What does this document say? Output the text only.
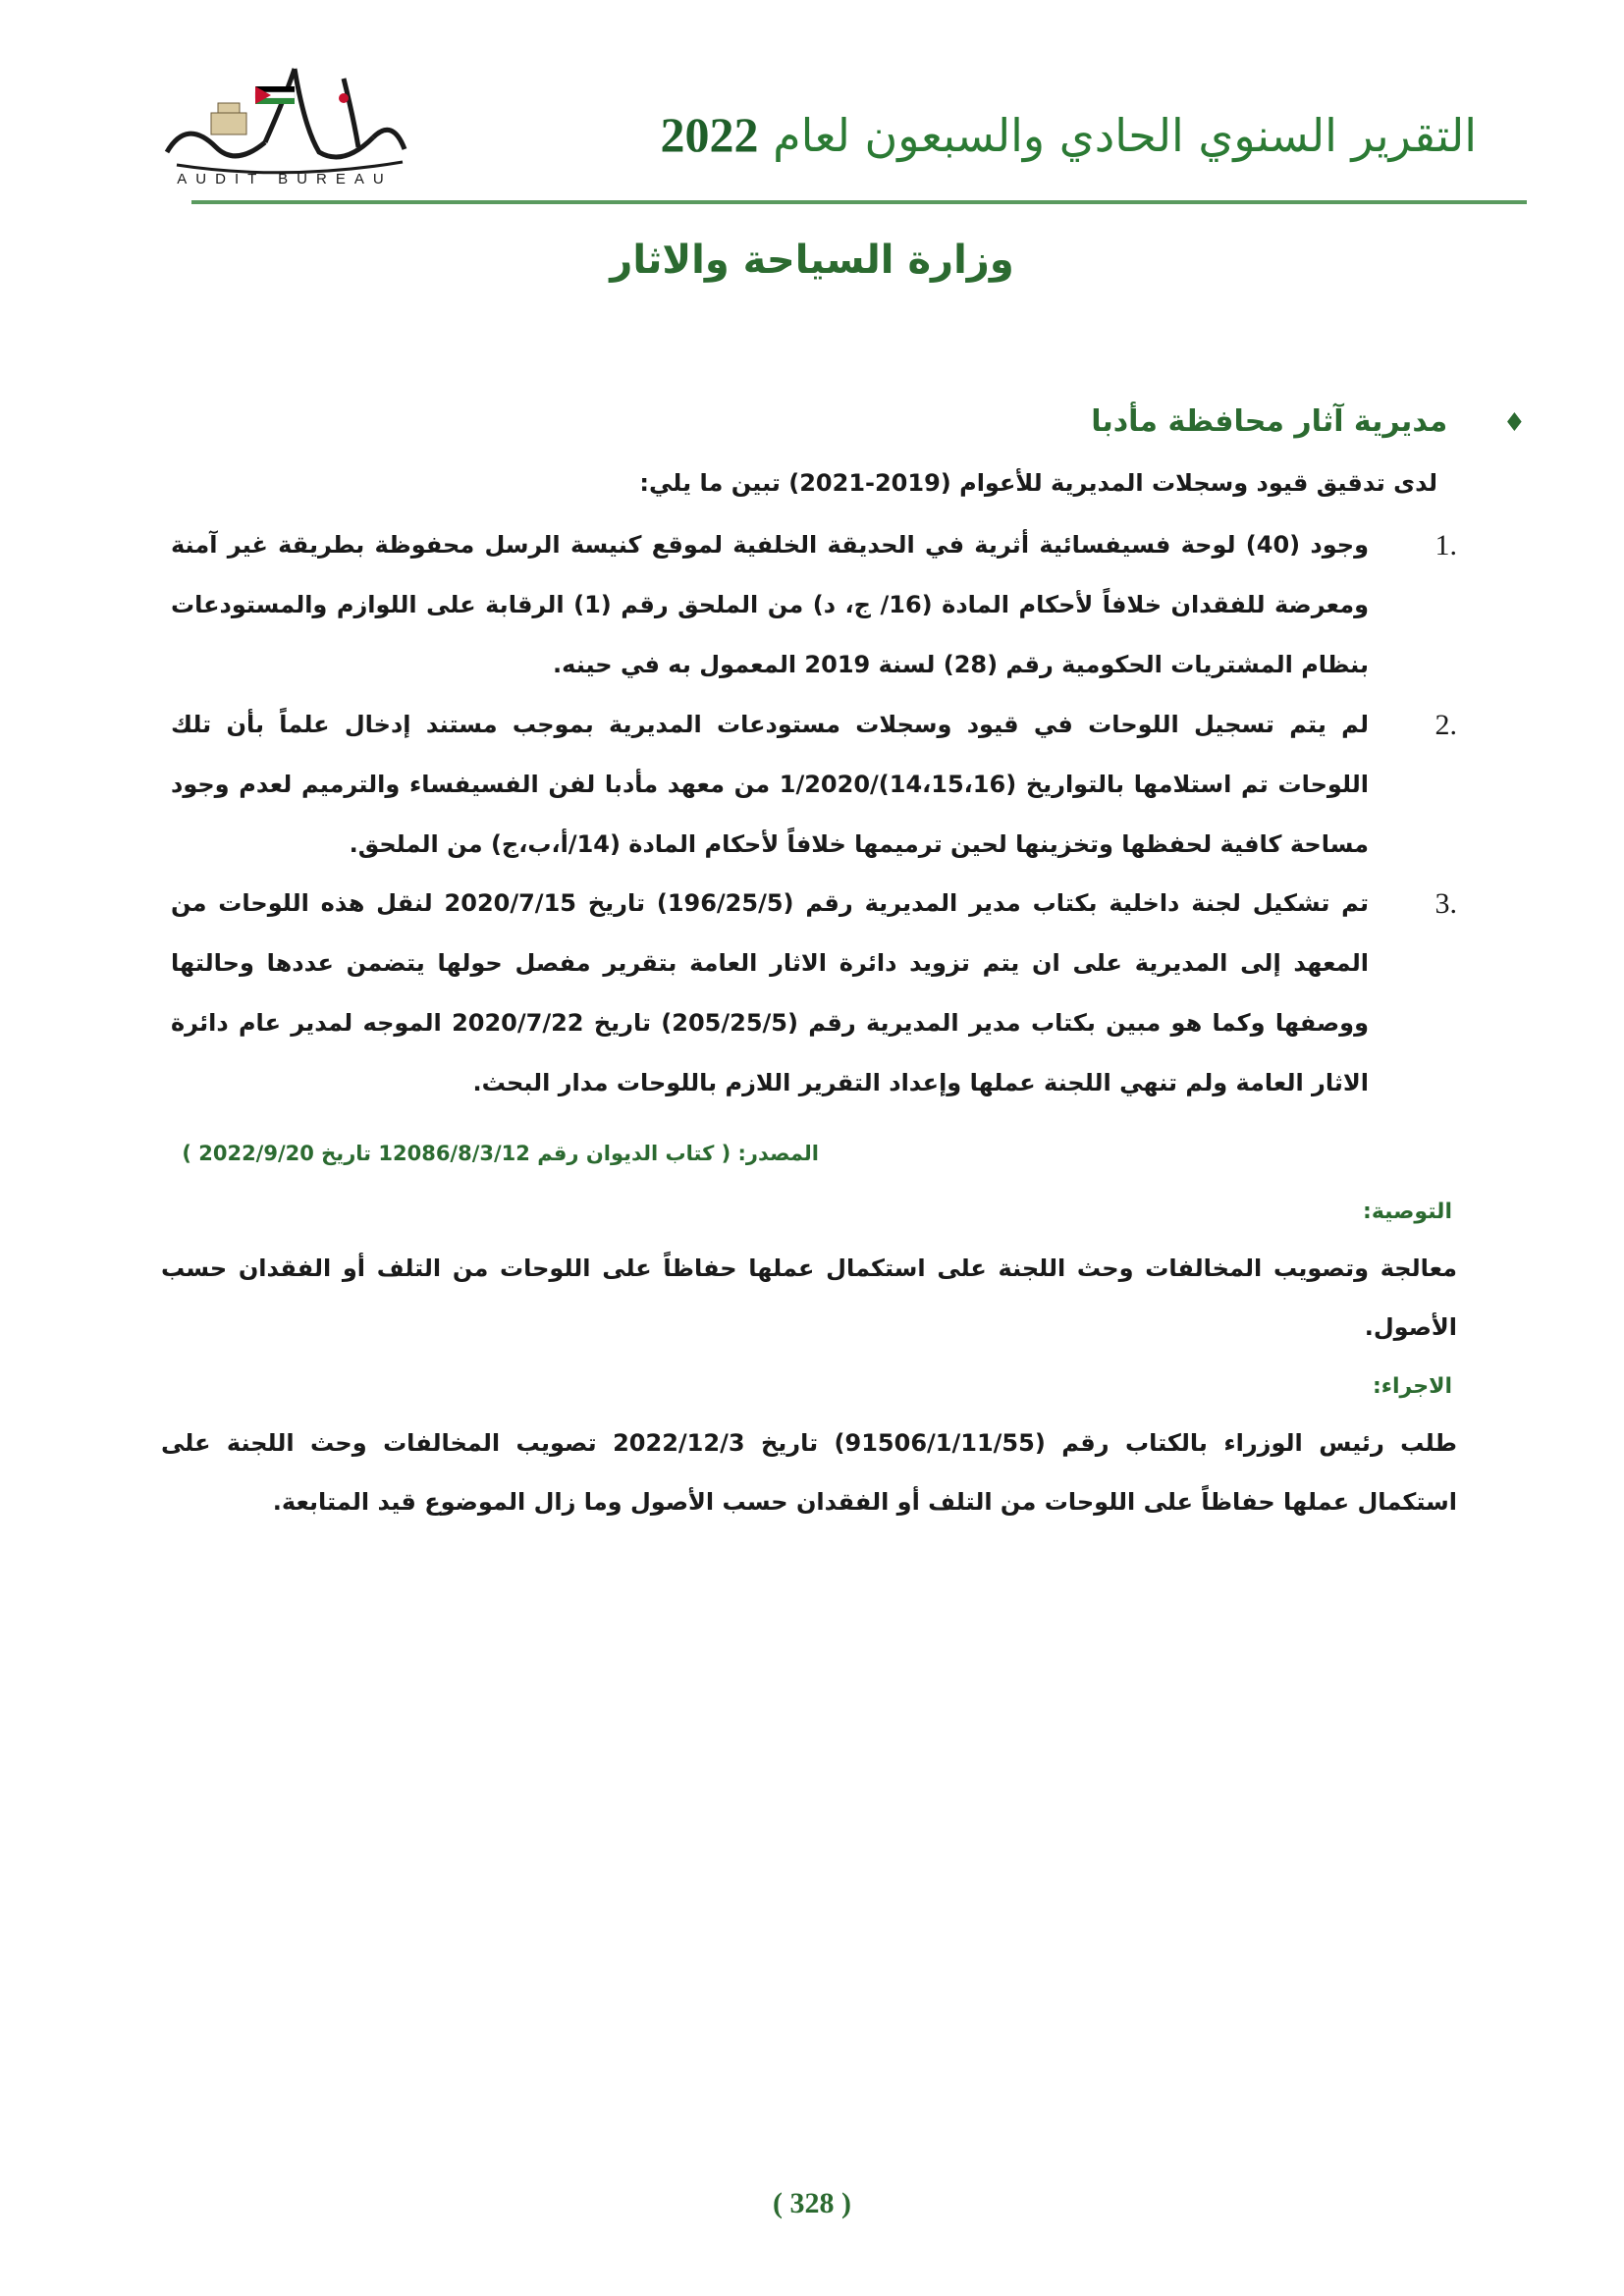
AUDIT BUREAU
التقرير السنوي الحادي والسبعون لعام 2022
وزارة السياحة والاثار
♦ مديرية آثار محافظة مأدبا
لدى تدقيق قيود وسجلات المديرية للأعوام (2019-2021) تبين ما يلي:
1.
وجود (40) لوحة فسيفسائية أثرية في الحديقة الخلفية لموقع كنيسة الرسل محفوظة بطريقة غير آمنة ومعرضة للفقدان خلافاً لأحكام المادة (16/ ج، د) من الملحق رقم (1) الرقابة على اللوازم والمستودعات بنظام المشتريات الحكومية رقم (28) لسنة 2019 المعمول به في حينه.
2.
لم يتم تسجيل اللوحات في قيود وسجلات مستودعات المديرية بموجب مستند إدخال علماً بأن تلك اللوحات تم استلامها بالتواريخ (14،15،16)/1/2020 من معهد مأدبا لفن الفسيفساء والترميم لعدم وجود مساحة كافية لحفظها وتخزينها لحين ترميمها خلافاً لأحكام المادة (14/أ،ب،ج) من الملحق.
3.
تم تشكيل لجنة داخلية بكتاب مدير المديرية رقم (196/25/5) تاريخ 2020/7/15 لنقل هذه اللوحات من المعهد إلى المديرية على ان يتم تزويد دائرة الاثار العامة بتقرير مفصل حولها يتضمن عددها وحالتها ووصفها وكما هو مبين بكتاب مدير المديرية رقم (205/25/5) تاريخ 2020/7/22 الموجه لمدير عام دائرة الاثار العامة ولم تنهي اللجنة عملها وإعداد التقرير اللازم باللوحات مدار البحث.
المصدر: ( كتاب الديوان رقم 12086/8/3/12 تاريخ 2022/9/20 )
التوصية:
معالجة وتصويب المخالفات وحث اللجنة على استكمال عملها حفاظاً على اللوحات من التلف أو الفقدان حسب الأصول.
الاجراء:
طلب رئيس الوزراء بالكتاب رقم (91506/1/11/55) تاريخ 2022/12/3 تصويب المخالفات وحث اللجنة على استكمال عملها حفاظاً على اللوحات من التلف أو الفقدان حسب الأصول وما زال الموضوع قيد المتابعة.
( 328 )
